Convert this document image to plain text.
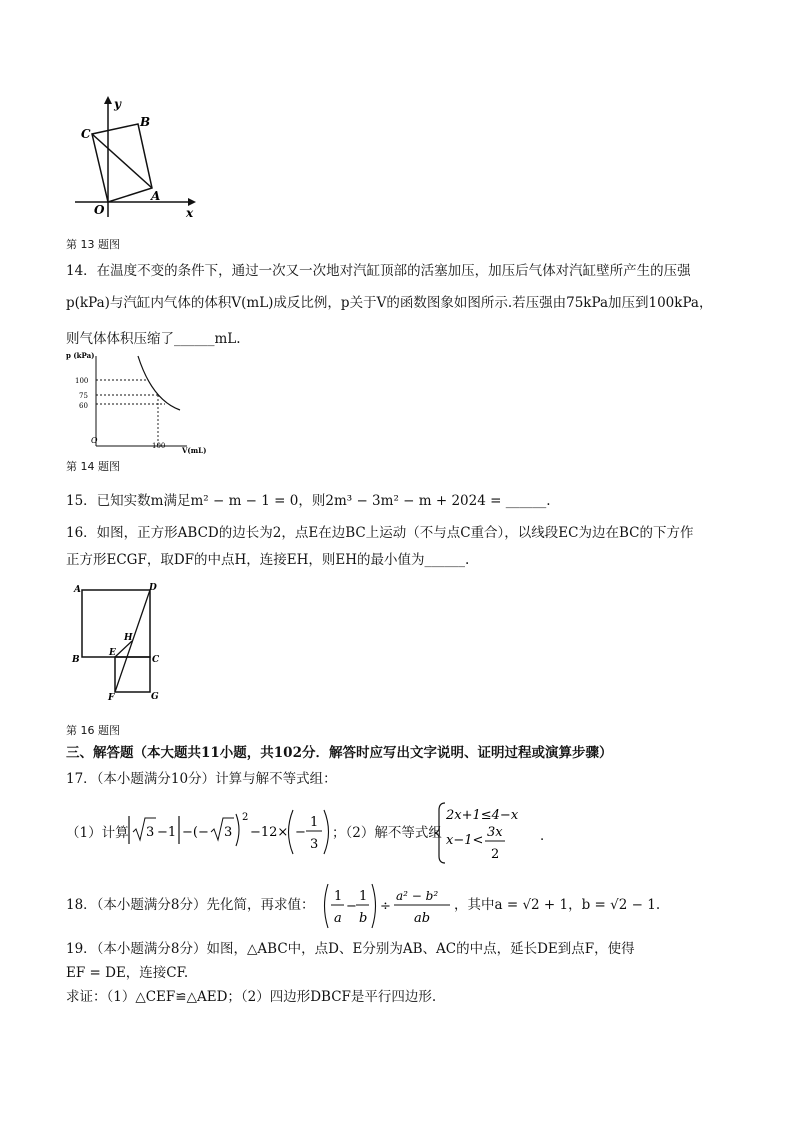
y
x
O
A
B
C
第 13 题图
14．在温度不变的条件下，通过一次又一次地对汽缸顶部的活塞加压，加压后气体对汽缸壁所产生的压强
p(kPa)与汽缸内气体的体积V(mL)成反比例，p关于V的函数图象如图所示.若压强由75kPa加压到100kPa，
则气体体积压缩了______mL.
p (kPa)
100
75
60
O
100 V(mL)
第 14 题图
15．已知实数m满足m² − m − 1 = 0，则2m³ − 3m² − m + 2024 = ______.
16．如图，正方形ABCD的边长为2，点E在边BC上运动（不与点C重合），以线段EC为边在BC的下方作
正方形ECGF，取DF的中点H，连接EH，则EH的最小值为______.
A	D
B	C
E
H
F	G
第 16 题图
三、解答题（本大题共11小题，共102分．解答时应写出文字说明、证明过程或演算步骤）
17．（本小题满分10分）计算与解不等式组：
（1）计算 3 −1 −(− 3
2
−12× −
1
3
；（2）解不等式组
2x+1≤4−x
x−1<
3x
2
.
18．（本小题满分8分）先化简，再求值：
1
a
−
1
b
÷
a² − b²
ab
，其中a = √2 + 1，b = √2 − 1.
19．（本小题满分8分）如图，△ABC中，点D、E分别为AB、AC的中点，延长DE到点F，使得
EF = DE，连接CF.
求证：（1）△CEF≌△AED；（2）四边形DBCF是平行四边形.
